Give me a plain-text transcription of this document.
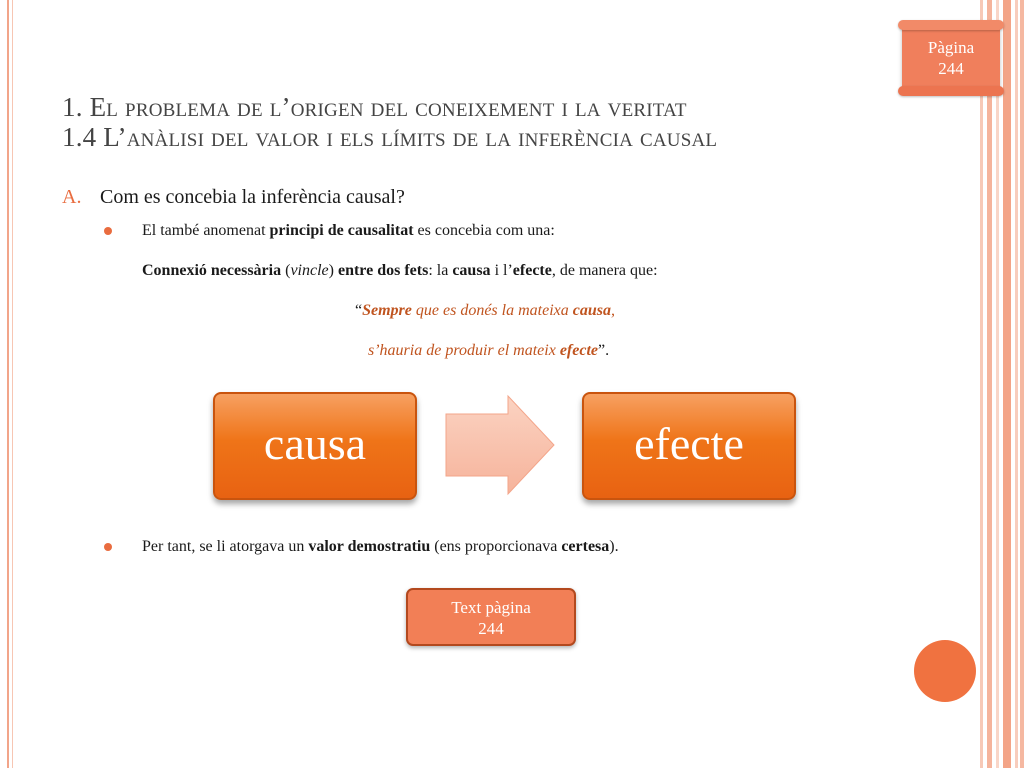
Pàgina
244
1. El problema de l’origen del coneixement i la veritat
1.4 L’anàlisi del valor i els límits de la inferència causal
A. Com es concebia la inferència causal?
El també anomenat principi de causalitat es concebia com una:
Connexió necessària (vincle) entre dos fets: la causa i l’efecte, de manera que:
“Sempre que es donés la mateixa causa,
s’hauria de produir el mateix efecte”.
causa	efecte
Per tant, se li atorgava un valor demostratiu (ens proporcionava certesa).
Text pàgina
244
